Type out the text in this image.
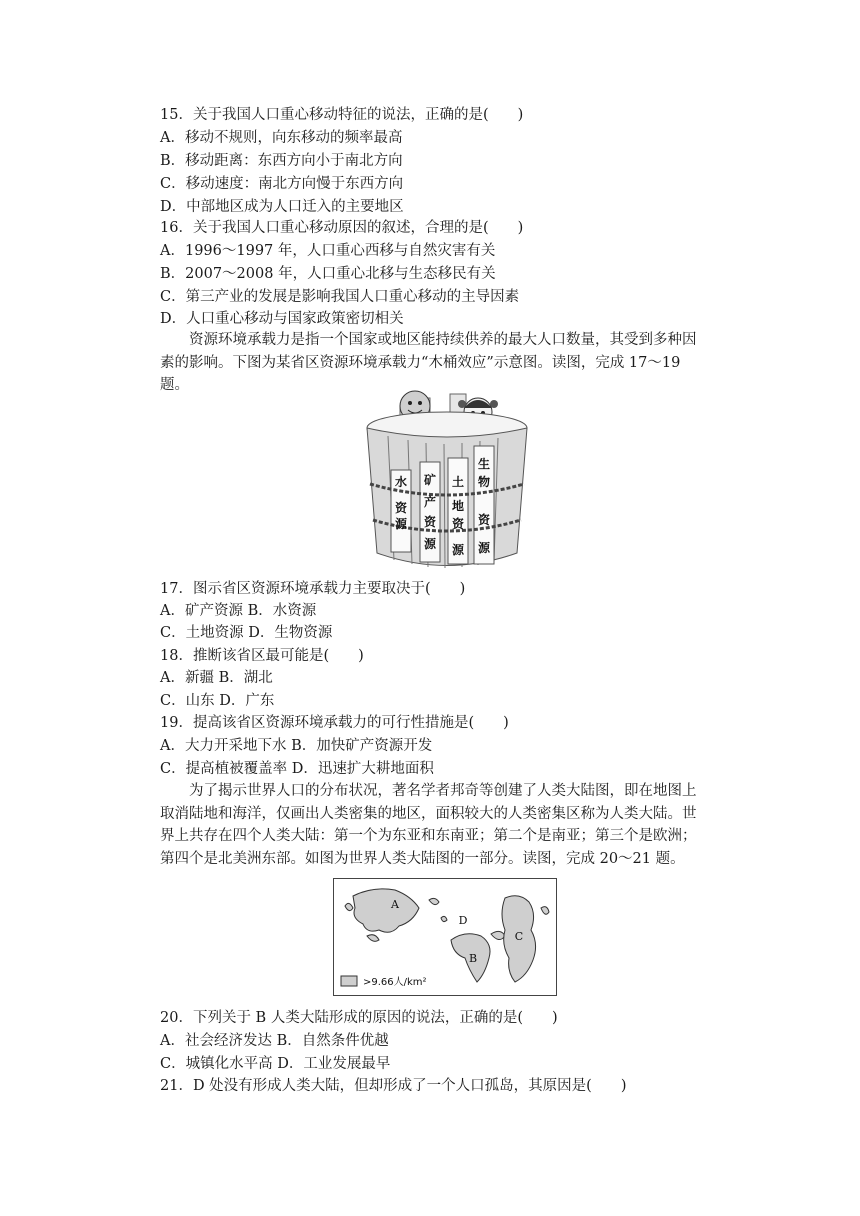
15．关于我国人口重心移动特征的说法，正确的是(　　)
A．移动不规则，向东移动的频率最高
B．移动距离：东西方向小于南北方向
C．移动速度：南北方向慢于东西方向
D．中部地区成为人口迁入的主要地区
16．关于我国人口重心移动原因的叙述，合理的是(　　)
A．1996～1997 年，人口重心西移与自然灾害有关
B．2007～2008 年，人口重心北移与生态移民有关
C．第三产业的发展是影响我国人口重心移动的主导因素
D．人口重心移动与国家政策密切相关
资源环境承载力是指一个国家或地区能持续供养的最大人口数量，其受到多种因素的影响。下图为某省区资源环境承载力“木桶效应”示意图。读图，完成 17～19 题。
水
资
源
矿
产
资
源
土
地
资
源
生
物
资
源
17．图示省区资源环境承载力主要取决于(　　)
A．矿产资源 B．水资源
C．土地资源 D．生物资源
18．推断该省区最可能是(　　)
A．新疆 B．湖北
C．山东 D．广东
19．提高该省区资源环境承载力的可行性措施是(　　)
A．大力开采地下水 B．加快矿产资源开发
C．提高植被覆盖率 D．迅速扩大耕地面积
为了揭示世界人口的分布状况，著名学者邦奇等创建了人类大陆图，即在地图上取消陆地和海洋，仅画出人类密集的地区，面积较大的人类密集区称为人类大陆。世界上共存在四个人类大陆：第一个为东亚和东南亚；第二个是南亚；第三个是欧洲；第四个是北美洲东部。如图为世界人类大陆图的一部分。读图，完成 20～21 题。
A
B
C
D
>9.66人/km²
20．下列关于 B 人类大陆形成的原因的说法，正确的是(　　)
A．社会经济发达 B．自然条件优越
C．城镇化水平高 D．工业发展最早
21．D 处没有形成人类大陆，但却形成了一个人口孤岛，其原因是(　　)
